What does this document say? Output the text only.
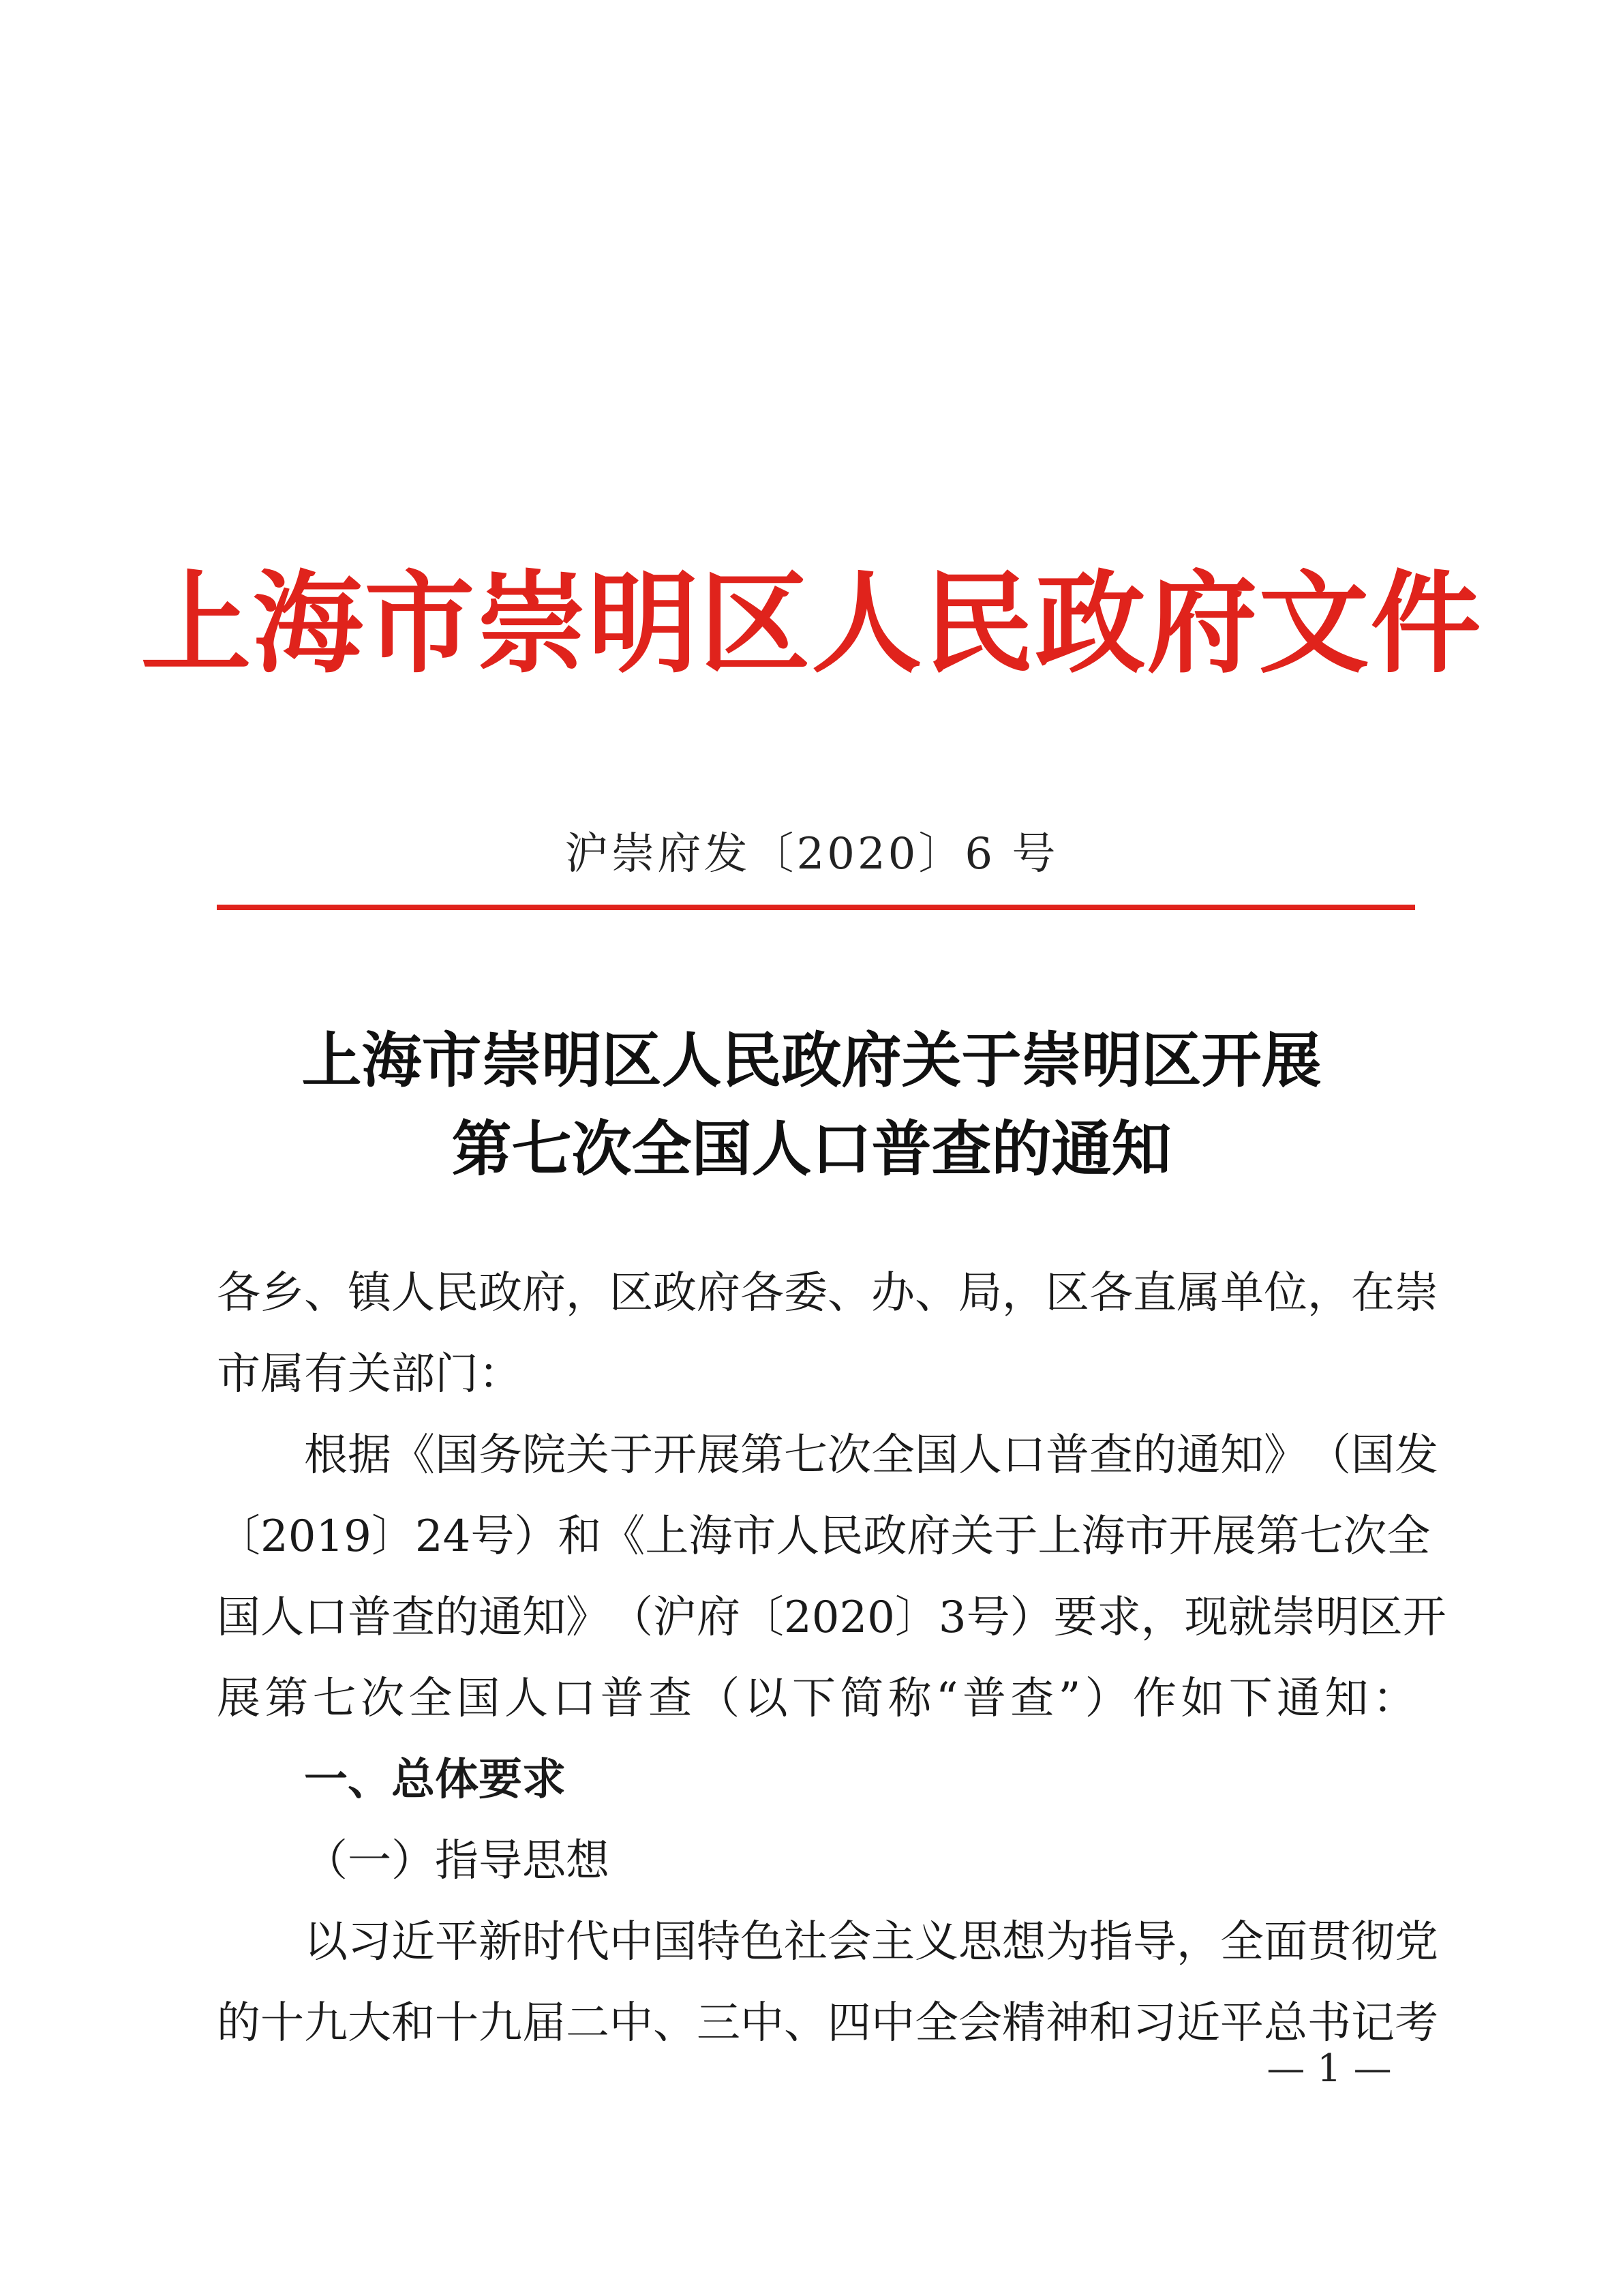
上海市崇明区人民政府文件
沪崇府发〔2020〕6 号
上海市崇明区人民政府关于崇明区开展
第七次全国人口普查的通知
各 乡 、 镇 人 民 政 府 ， 区 政 府 各 委 、 办 、 局 ， 区 各 直 属 单 位 ， 在 崇
市属有关部门：
根 据 《 国 务 院 关 于 开 展 第 七 次 全 国 人 口 普 查 的 通 知 》 （ 国 发
〔 2019 〕 24 号 ） 和 《 上 海 市 人 民 政 府 关 于 上 海 市 开 展 第 七 次 全
国 人 口 普 查 的 通 知 》 （ 沪 府 〔 2020 〕 3 号 ） 要 求 ， 现 就 崇 明 区 开
展 第 七 次 全 国 人 口 普 查 （ 以 下 简 称 “ 普 查 ” ） 作 如 下 通 知 ：
一、总体要求
（一）指导思想
以 习 近 平 新 时 代 中 国 特 色 社 会 主 义 思 想 为 指 导 ， 全 面 贯 彻 党
的 十 九 大 和 十 九 届 二 中 、 三 中 、 四 中 全 会 精 神 和 习 近 平 总 书 记 考
— 1 —
